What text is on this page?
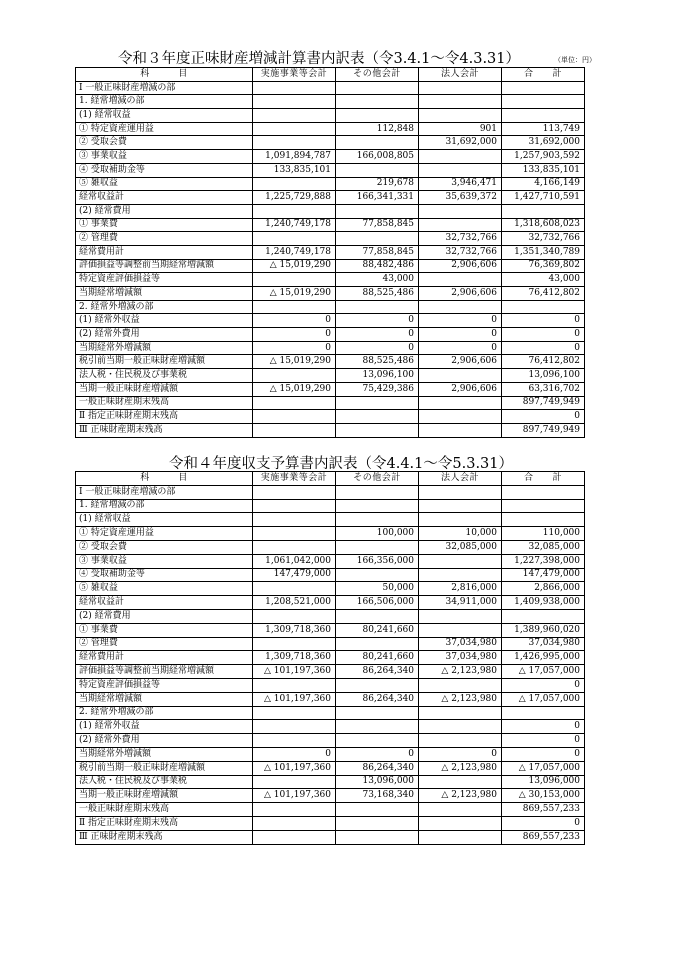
令和３年度正味財産増減計算書内訳表（令3.4.1〜令4.3.31）	（単位：円）
科　　　目	実施事業等会計	その他会計	法人会計	合　　計
Ⅰ 一般正味財産増減の部				
1. 経常増減の部				
(1) 経常収益				
① 特定資産運用益		112,848	901	113,749
② 受取会費			31,692,000	31,692,000
③ 事業収益	1,091,894,787	166,008,805		1,257,903,592
④ 受取補助金等	133,835,101			133,835,101
⑤ 雑収益		219,678	3,946,471	4,166,149
経常収益計	1,225,729,888	166,341,331	35,639,372	1,427,710,591
(2) 経常費用				
① 事業費	1,240,749,178	77,858,845		1,318,608,023
② 管理費			32,732,766	32,732,766
経常費用計	1,240,749,178	77,858,845	32,732,766	1,351,340,789
評価損益等調整前当期経常増減額	△ 15,019,290	88,482,486	2,906,606	76,369,802
特定資産評価損益等		43,000		43,000
当期経常増減額	△ 15,019,290	88,525,486	2,906,606	76,412,802
2. 経常外増減の部				
(1) 経常外収益	0	0	0	0
(2) 経常外費用	0	0	0	0
当期経常外増減額	0	0	0	0
税引前当期一般正味財産増減額	△ 15,019,290	88,525,486	2,906,606	76,412,802
法人税・住民税及び事業税		13,096,100		13,096,100
当期一般正味財産増減額	△ 15,019,290	75,429,386	2,906,606	63,316,702
一般正味財産期末残高				897,749,949
Ⅱ 指定正味財産期末残高				0
Ⅲ 正味財産期末残高				897,749,949
令和４年度収支予算書内訳表（令4.4.1〜令5.3.31）
科　　　目	実施事業等会計	その他会計	法人会計	合　　計
Ⅰ 一般正味財産増減の部				
1. 経常増減の部				
(1) 経常収益				
① 特定資産運用益		100,000	10,000	110,000
② 受取会費			32,085,000	32,085,000
③ 事業収益	1,061,042,000	166,356,000		1,227,398,000
④ 受取補助金等	147,479,000			147,479,000
⑤ 雑収益		50,000	2,816,000	2,866,000
経常収益計	1,208,521,000	166,506,000	34,911,000	1,409,938,000
(2) 経常費用				
① 事業費	1,309,718,360	80,241,660		1,389,960,020
② 管理費			37,034,980	37,034,980
経常費用計	1,309,718,360	80,241,660	37,034,980	1,426,995,000
評価損益等調整前当期経常増減額	△ 101,197,360	86,264,340	△ 2,123,980	△ 17,057,000
特定資産評価損益等				0
当期経常増減額	△ 101,197,360	86,264,340	△ 2,123,980	△ 17,057,000
2. 経常外増減の部				
(1) 経常外収益				0
(2) 経常外費用				0
当期経常外増減額	0	0	0	0
税引前当期一般正味財産増減額	△ 101,197,360	86,264,340	△ 2,123,980	△ 17,057,000
法人税・住民税及び事業税		13,096,000		13,096,000
当期一般正味財産増減額	△ 101,197,360	73,168,340	△ 2,123,980	△ 30,153,000
一般正味財産期末残高				869,557,233
Ⅱ 指定正味財産期末残高				0
Ⅲ 正味財産期末残高				869,557,233
